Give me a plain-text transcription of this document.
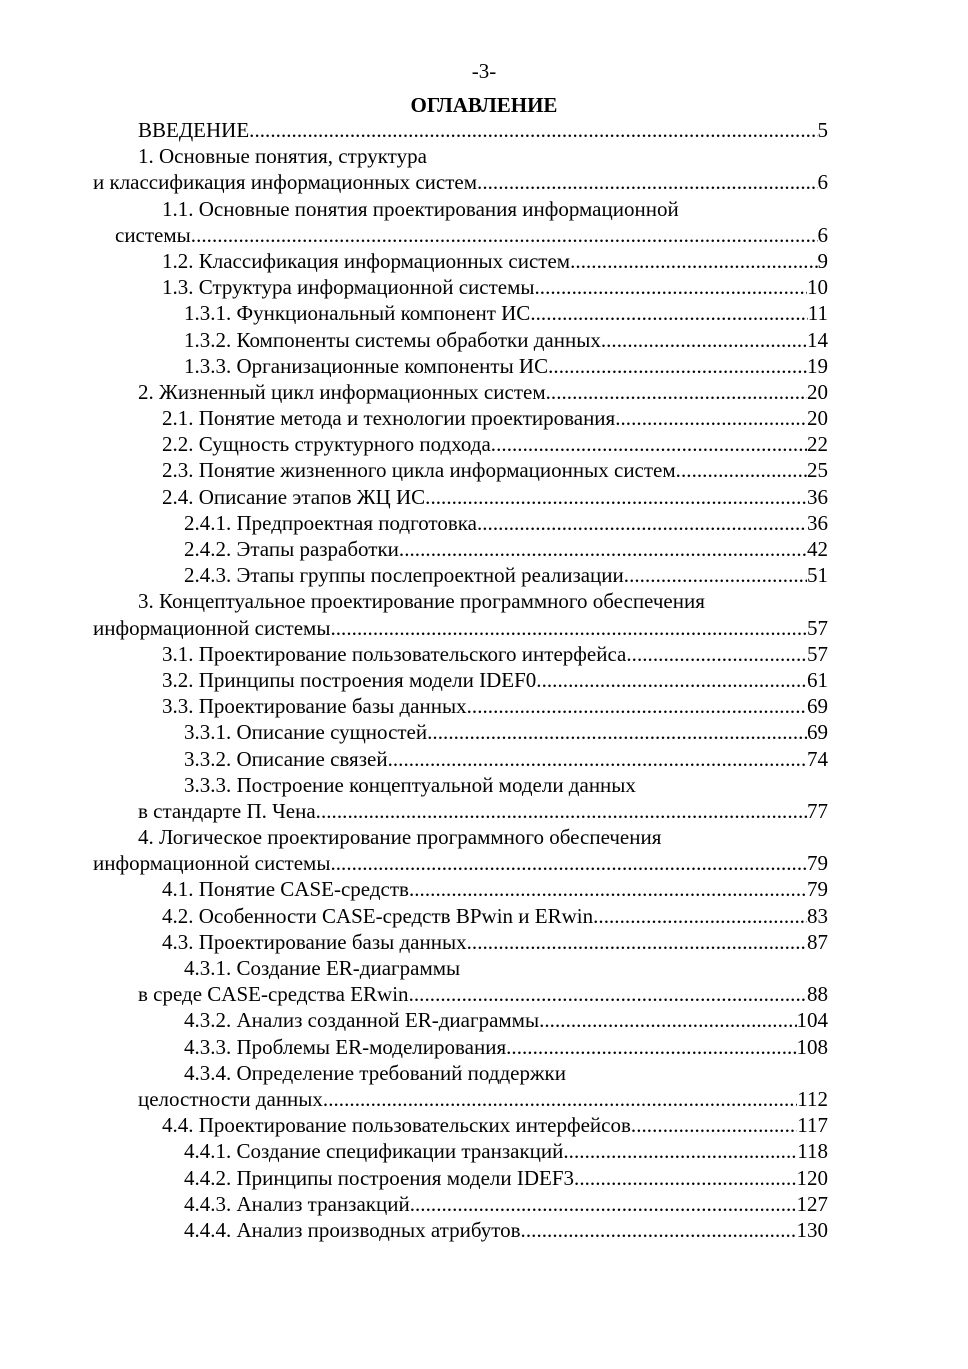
-3-
ОГЛАВЛЕНИЕ
ВВЕДЕНИЕ . . .	5
1. Основные понятия, структура
и классификация информационных систем . . .	6
1.1. Основные понятия проектирования информационной
системы . . .	6
1.2. Классификация информационных систем . . .	9
1.3. Структура информационной системы . . .	10
1.3.1. Функциональный компонент ИС . . .	11
1.3.2. Компоненты системы обработки данных . . .	14
1.3.3. Организационные компоненты ИС . . .	19
2. Жизненный цикл информационных систем . . .	20
2.1. Понятие метода и технологии проектирования . . .	20
2.2. Сущность структурного подхода . . .	22
2.3. Понятие жизненного цикла информационных систем . . .	25
2.4. Описание этапов ЖЦ ИС . . .	36
2.4.1. Предпроектная подготовка . . .	36
2.4.2. Этапы разработки . . .	42
2.4.3. Этапы группы послепроектной реализации . . .	51
3. Концептуальное проектирование программного обеспечения
информационной системы . . .	57
3.1. Проектирование пользовательского интерфейса . . .	57
3.2. Принципы построения модели IDEF0 . . .	61
3.3. Проектирование базы данных . . .	69
3.3.1. Описание сущностей . . .	69
3.3.2. Описание связей . . .	74
3.3.3. Построение концептуальной модели данных
в стандарте П. Чена . . .	77
4. Логическое проектирование программного обеспечения
информационной системы . . .	79
4.1. Понятие CASE-средств . . .	79
4.2. Особенности CASE-средств BPwin и ERwin . . .	83
4.3. Проектирование базы данных . . .	87
4.3.1. Создание ER-диаграммы
в среде CASE-средства ERwin . . .	88
4.3.2. Анализ созданной ER-диаграммы . . .	104
4.3.3. Проблемы ER-моделирования . . .	108
4.3.4. Определение требований поддержки
целостности данных . . .	112
4.4. Проектирование пользовательских интерфейсов . . .	117
4.4.1. Создание спецификации транзакций . . .	118
4.4.2. Принципы построения модели IDEF3 . . .	120
4.4.3. Анализ транзакций . . .	127
4.4.4. Анализ производных атрибутов . . .	130
